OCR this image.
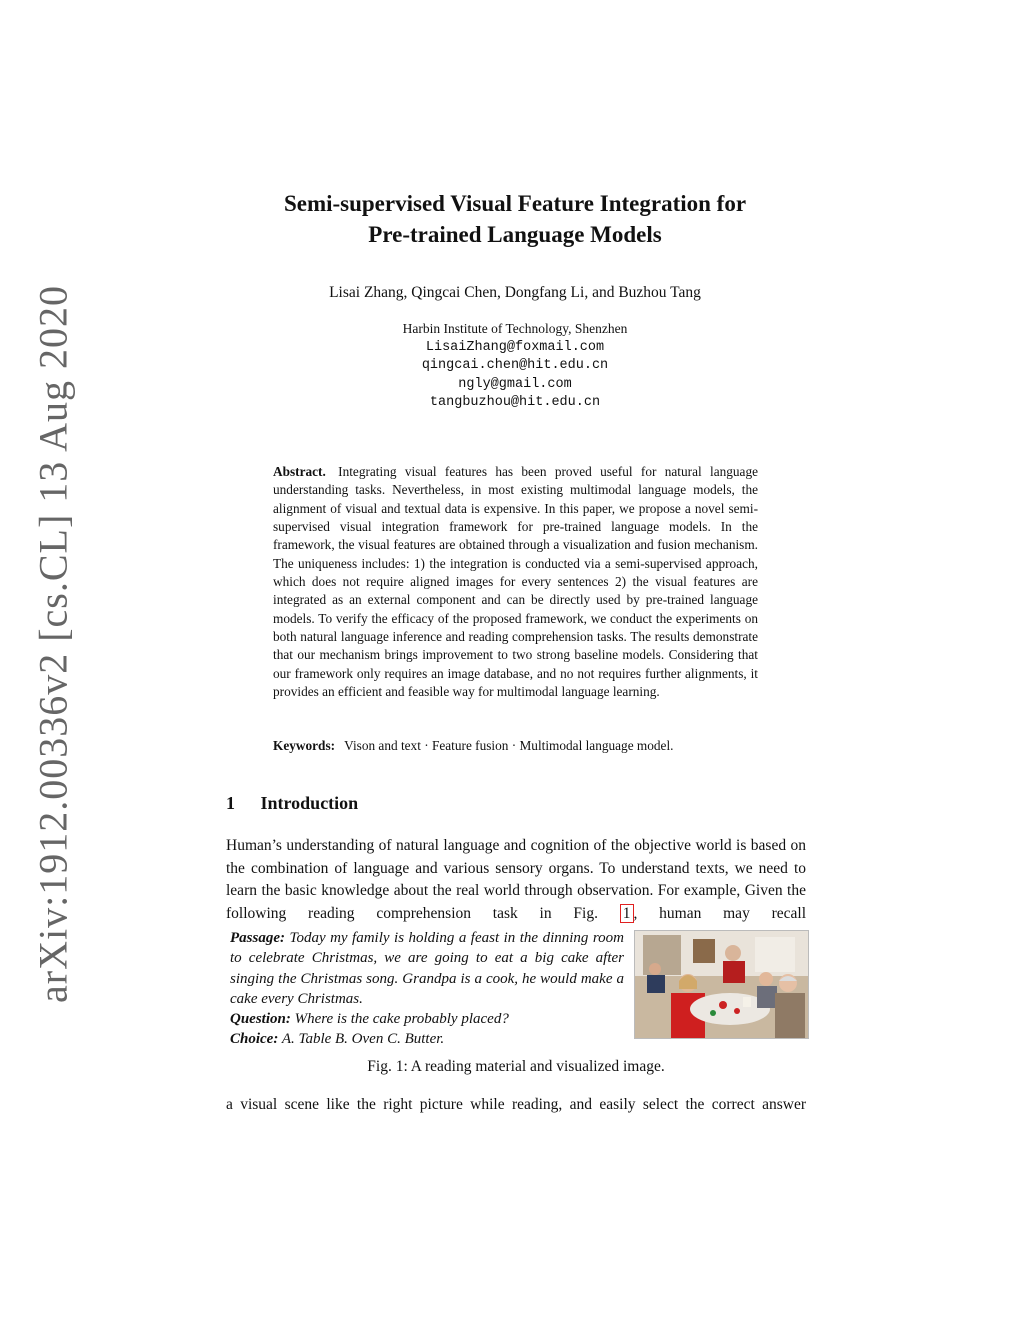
arXiv:1912.00336v2 [cs.CL] 13 Aug 2020
Semi-supervised Visual Feature Integration for
Pre-trained Language Models
Lisai Zhang, Qingcai Chen, Dongfang Li, and Buzhou Tang
Harbin Institute of Technology, Shenzhen
LisaiZhang@foxmail.com
qingcai.chen@hit.edu.cn
ngly@gmail.com
tangbuzhou@hit.edu.cn
Abstract. Integrating visual features has been proved useful for natural language understanding tasks. Nevertheless, in most existing multimodal language models, the alignment of visual and textual data is expensive. In this paper, we propose a novel semi-supervised visual integration framework for pre-trained language models. In the framework, the visual features are obtained through a visualization and fusion mechanism. The uniqueness includes: 1) the integration is conducted via a semi-supervised approach, which does not require aligned images for every sentences 2) the visual features are integrated as an external component and can be directly used by pre-trained language models. To verify the efficacy of the proposed framework, we conduct the experiments on both natural language inference and reading comprehension tasks. The results demonstrate that our mechanism brings improvement to two strong baseline models. Considering that our framework only requires an image database, and no not requires further alignments, it provides an efficient and feasible way for multimodal language learning.
Keywords: Vison and text · Feature fusion · Multimodal language model.
1 Introduction
Human’s understanding of natural language and cognition of the objective world is based on the combination of language and various sensory organs. To understand texts, we need to learn the basic knowledge about the real world through observation. For example, Given the following reading comprehension task in Fig. 1 , human may recall
Passage: Today my family is holding a feast in the dinning room to celebrate Christmas, we are going to eat a big cake after singing the Christmas song. Grandpa is a cook, he would make a cake every Christmas.
Question: Where is the cake probably placed?
Choice: A. Table B. Oven C. Butter.
Fig. 1: A reading material and visualized image.
a visual scene like the right picture while reading, and easily select the correct answer
